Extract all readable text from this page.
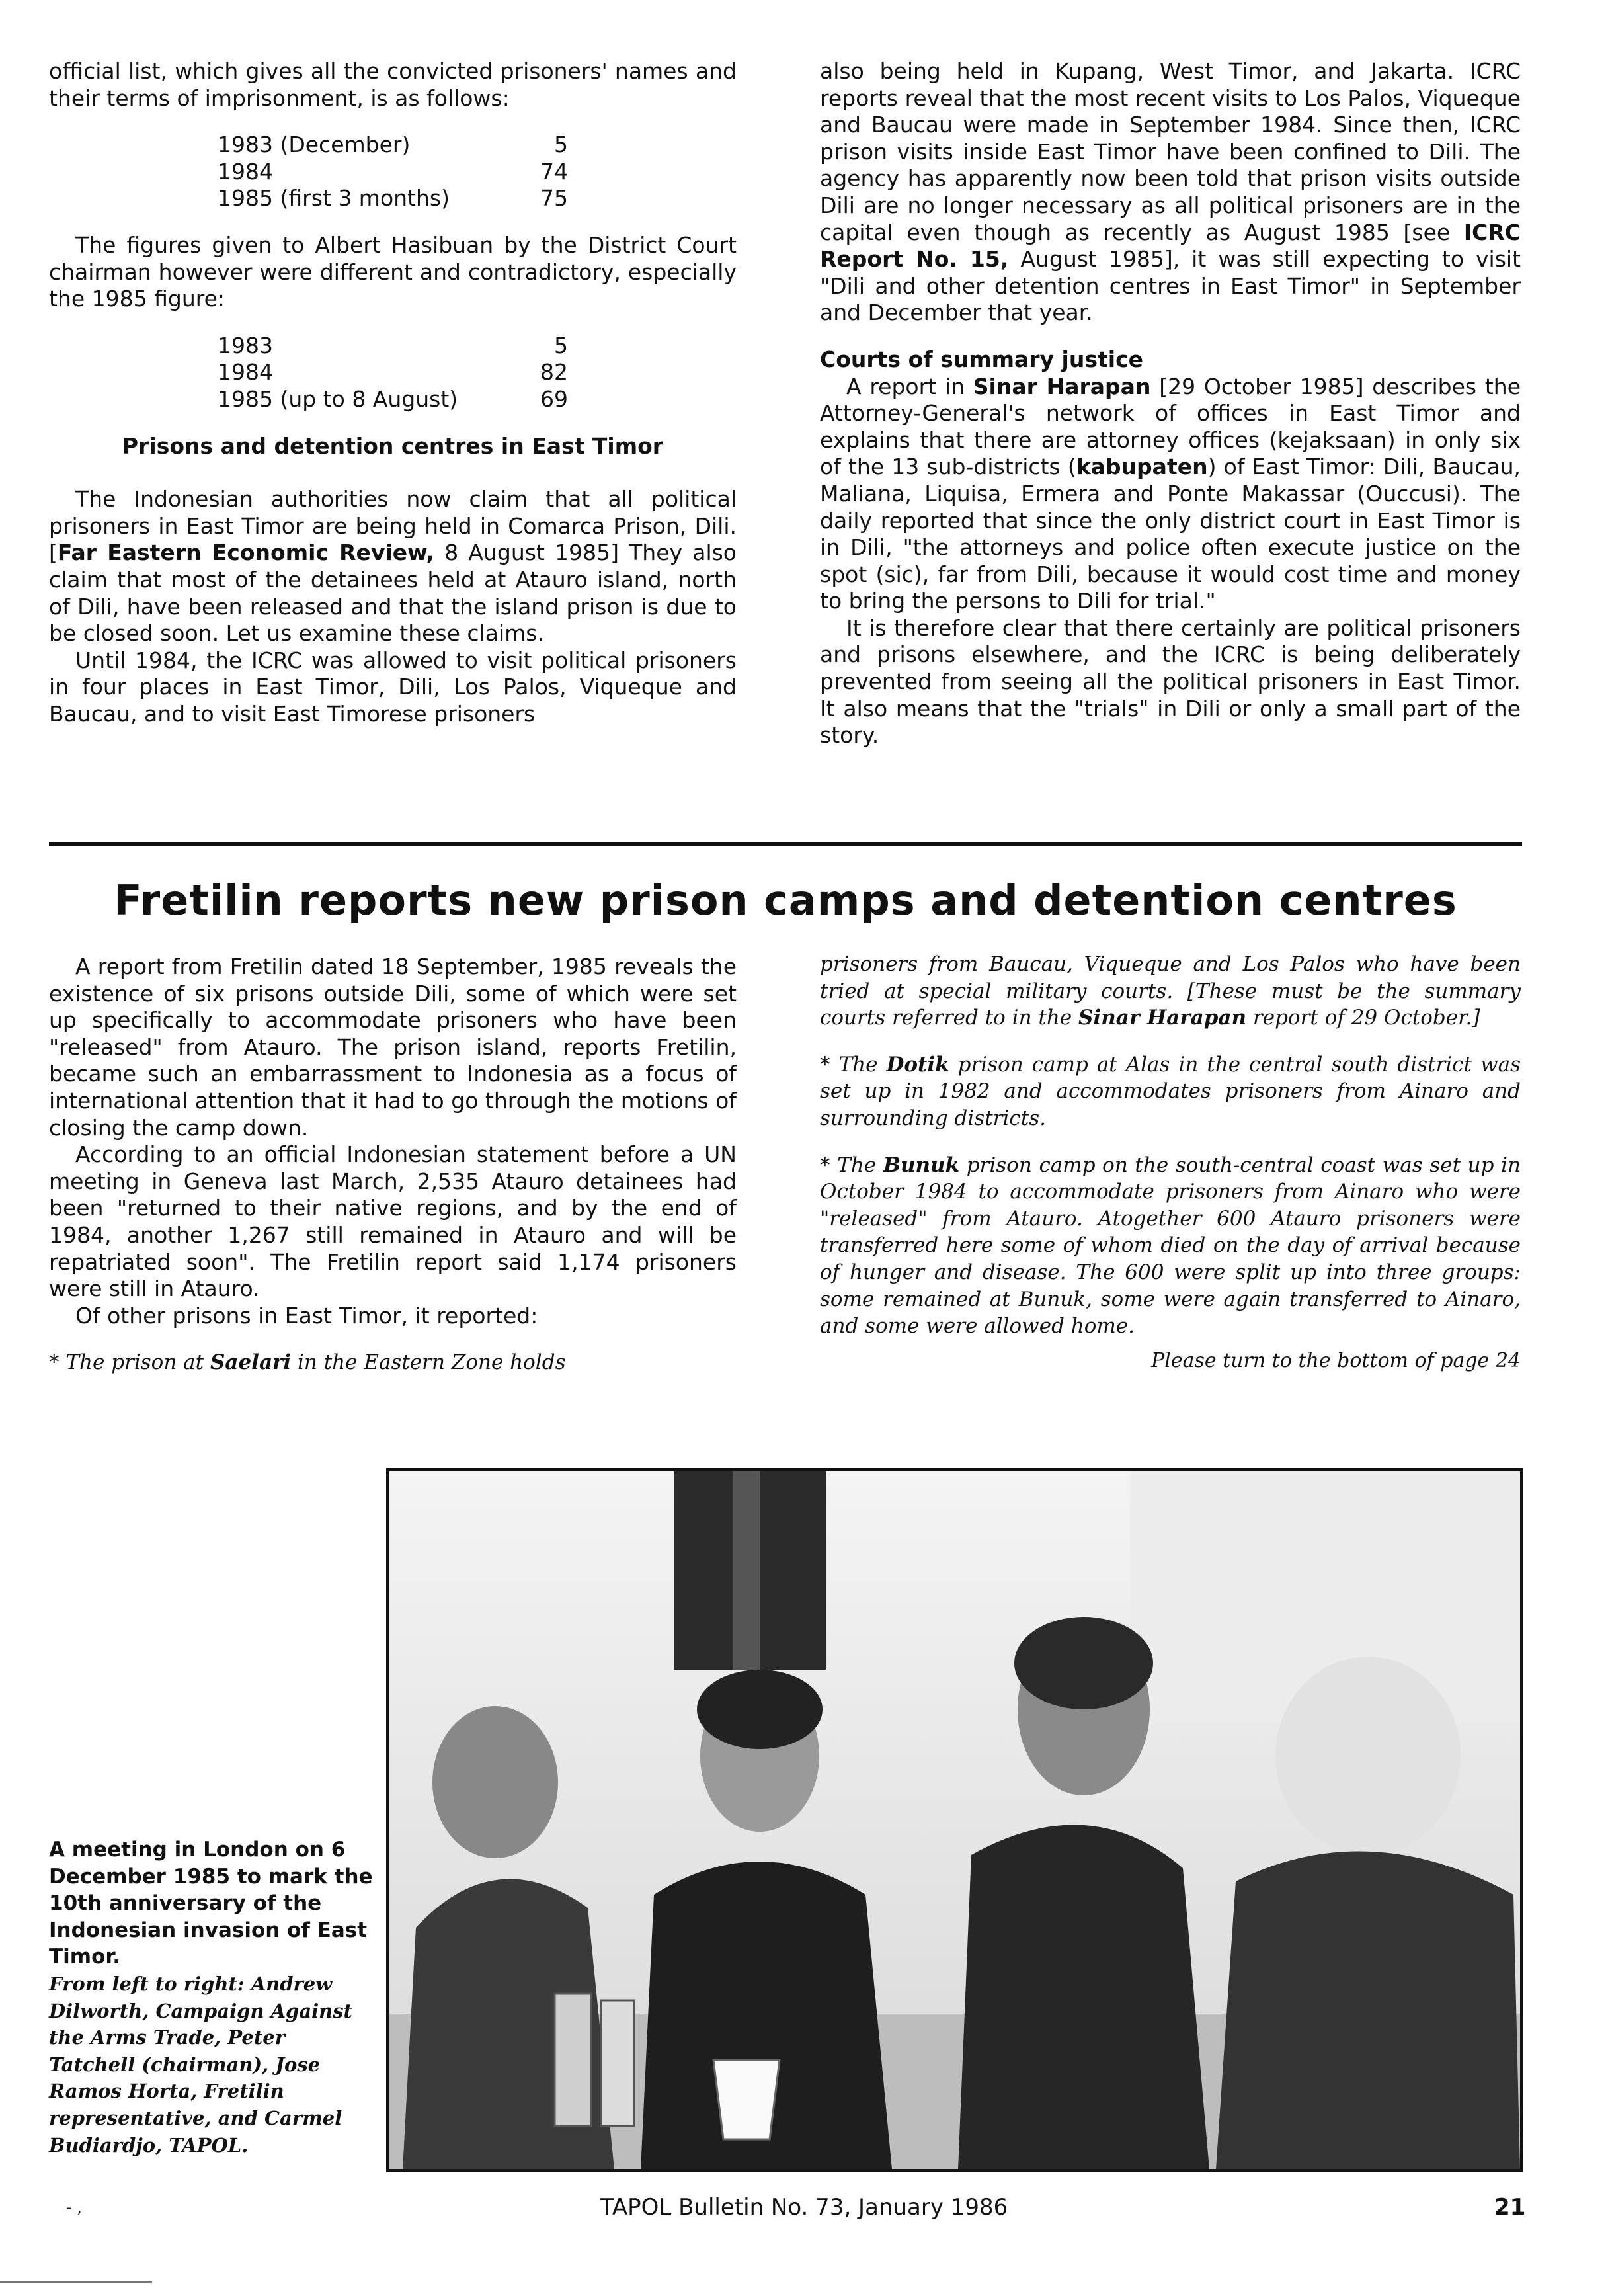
official list, which gives all the convicted prisoners' names and their terms of imprisonment, is as follows:

1983 (December)	5
1984	74
1985 (first 3 months)	75

The figures given to Albert Hasibuan by the District Court chairman however were different and contradictory, especially the 1985 figure:

1983	5
1984	82
1985 (up to 8 August)	69
Prisons and detention centres in East Timor

The Indonesian authorities now claim that all political prisoners in East Timor are being held in Comarca Prison, Dili. [Far Eastern Economic Review, 8 August 1985] They also claim that most of the detainees held at Atauro island, north of Dili, have been released and that the island prison is due to be closed soon. Let us examine these claims.

Until 1984, the ICRC was allowed to visit political prisoners in four places in East Timor, Dili, Los Palos, Viqueque and Baucau, and to visit East Timorese prisoners

also being held in Kupang, West Timor, and Jakarta. ICRC reports reveal that the most recent visits to Los Palos, Viqueque and Baucau were made in September 1984. Since then, ICRC prison visits inside East Timor have been confined to Dili. The agency has apparently now been told that prison visits outside Dili are no longer necessary as all political prisoners are in the capital even though as recently as August 1985 [see ICRC Report No. 15, August 1985], it was still expecting to visit "Dili and other detention centres in East Timor" in September and December that year.

Courts of summary justice

A report in Sinar Harapan [29 October 1985] describes the Attorney-General's network of offices in East Timor and explains that there are attorney offices (kejaksaan) in only six of the 13 sub-districts (kabupaten) of East Timor: Dili, Baucau, Maliana, Liquisa, Ermera and Ponte Makassar (Ouccusi). The daily reported that since the only district court in East Timor is in Dili, "the attorneys and police often execute justice on the spot (sic), far from Dili, because it would cost time and money to bring the persons to Dili for trial."

It is therefore clear that there certainly are political prisoners and prisons elsewhere, and the ICRC is being deliberately prevented from seeing all the political prisoners in East Timor. It also means that the "trials" in Dili or only a small part of the story.

Fretilin reports new prison camps and detention centres

A report from Fretilin dated 18 September, 1985 reveals the existence of six prisons outside Dili, some of which were set up specifically to accommodate prisoners who have been "released" from Atauro. The prison island, reports Fretilin, became such an embarrassment to Indonesia as a focus of international attention that it had to go through the motions of closing the camp down.

According to an official Indonesian statement before a UN meeting in Geneva last March, 2,535 Atauro detainees had been "returned to their native regions, and by the end of 1984, another 1,267 still remained in Atauro and will be repatriated soon". The Fretilin report said 1,174 prisoners were still in Atauro.

Of other prisons in East Timor, it reported:

* The prison at Saelari in the Eastern Zone holds

prisoners from Baucau, Viqueque and Los Palos who have been tried at special military courts. [These must be the summary courts referred to in the Sinar Harapan report of 29 October.]

* The Dotik prison camp at Alas in the central south district was set up in 1982 and accommodates prisoners from Ainaro and surrounding districts.

* The Bunuk prison camp on the south-central coast was set up in October 1984 to accommodate prisoners from Ainaro who were "released" from Atauro. Atogether 600 Atauro prisoners were transferred here some of whom died on the day of arrival because of hunger and disease. The 600 were split up into three groups: some remained at Bunuk, some were again transferred to Ainaro, and some were allowed home.

Please turn to the bottom of page 24
A meeting in London on 6 December 1985 to mark the 10th anniversary of the Indonesian invasion of East Timor.
From left to right: Andrew Dilworth, Campaign Against the Arms Trade, Peter Tatchell (chairman), Jose Ramos Horta, Fretilin representative, and Carmel Budiardjo, TAPOL.
- ,	TAPOL Bulletin No. 73, January 1986	21
